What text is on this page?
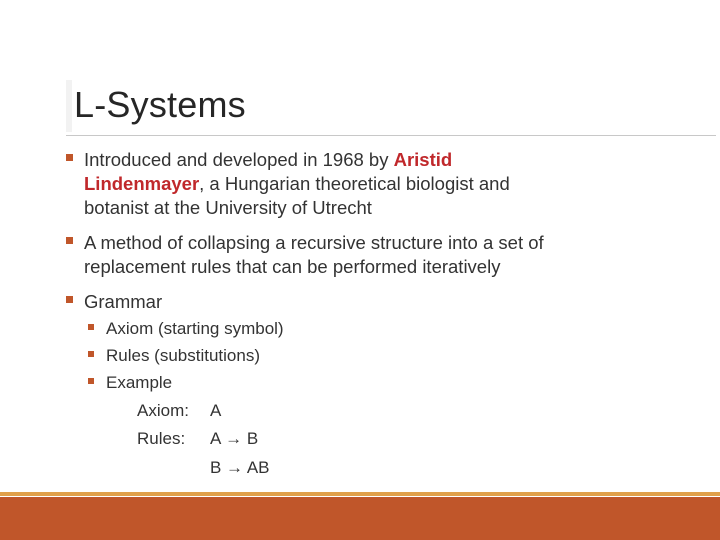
L-Systems
Introduced and developed in 1968 by Aristid
Lindenmayer, a Hungarian theoretical biologist and
botanist at the University of Utrecht
A method of collapsing a recursive structure into a set of
replacement rules that can be performed iteratively
Grammar
Axiom (starting symbol)
Rules (substitutions)
Example
Axiom: A
Rules: A → B
B → AB
